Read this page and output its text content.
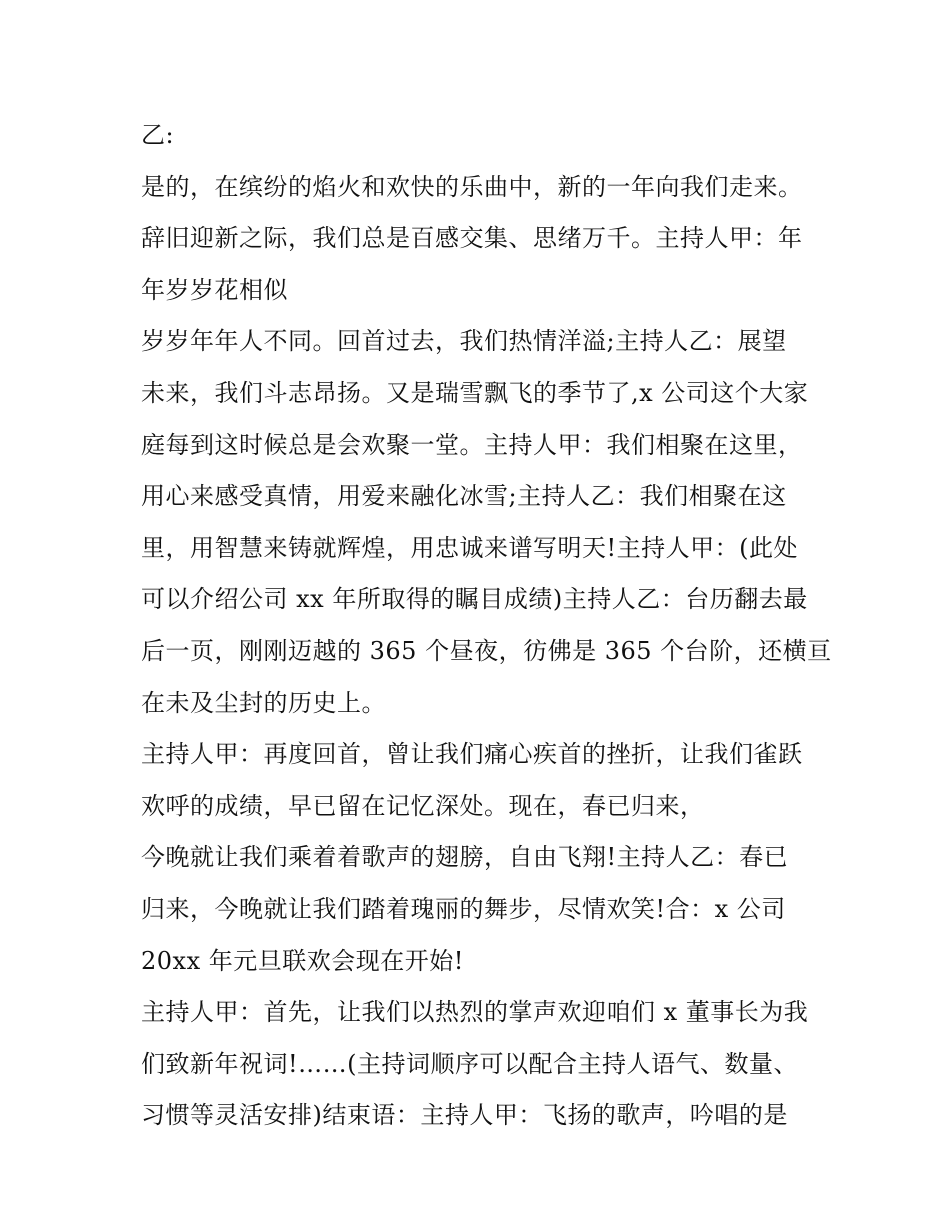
乙:
是的，在缤纷的焰火和欢快的乐曲中，新的一年向我们走来。
辞旧迎新之际，我们总是百感交集、思绪万千。主持人甲：年
年岁岁花相似
岁岁年年人不同。回首过去，我们热情洋溢;主持人乙：展望
未来，我们斗志昂扬。又是瑞雪飘飞的季节了,x 公司这个大家
庭每到这时候总是会欢聚一堂。主持人甲：我们相聚在这里，
用心来感受真情，用爱来融化冰雪;主持人乙：我们相聚在这
里，用智慧来铸就辉煌，用忠诚来谱写明天!主持人甲：(此处
可以介绍公司 xx 年所取得的瞩目成绩)主持人乙：台历翻去最
后一页，刚刚迈越的 365 个昼夜，彷佛是 365 个台阶，还横亘
在未及尘封的历史上。
主持人甲：再度回首，曾让我们痛心疾首的挫折，让我们雀跃
欢呼的成绩，早已留在记忆深处。现在，春已归来，
今晚就让我们乘着着歌声的翅膀，自由飞翔!主持人乙：春已
归来，今晚就让我们踏着瑰丽的舞步，尽情欢笑!合：x 公司
20xx 年元旦联欢会现在开始!
主持人甲：首先，让我们以热烈的掌声欢迎咱们 x 董事长为我
们致新年祝词!……(主持词顺序可以配合主持人语气、数量、
习惯等灵活安排)结束语：主持人甲：飞扬的歌声，吟唱的是
